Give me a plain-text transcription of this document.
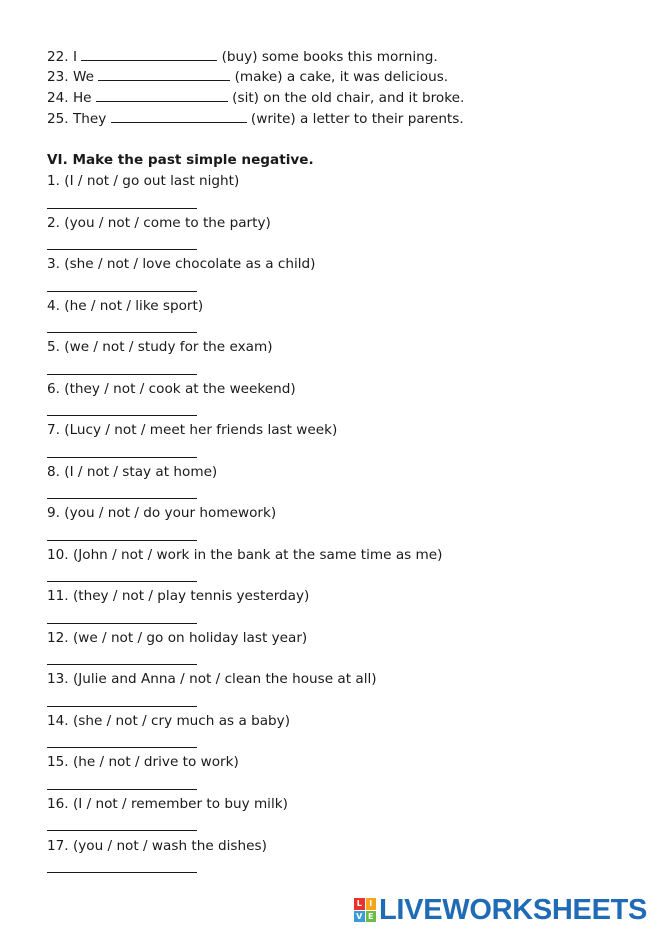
22. I	(buy) some books this morning.
23. We	(make) a cake, it was delicious.
24. He	(sit) on the old chair, and it broke.
25. They	(write) a letter to their parents.
VI. Make the past simple negative.
1. (I / not / go out last night)
2. (you / not / come to the party)
3. (she / not / love chocolate as a child)
4. (he / not / like sport)
5. (we / not / study for the exam)
6. (they / not / cook at the weekend)
7. (Lucy / not / meet her friends last week)
8. (I / not / stay at home)
9. (you / not / do your homework)
10. (John / not / work in the bank at the same time as me)
11. (they / not / play tennis yesterday)
12. (we / not / go on holiday last year)
13. (Julie and Anna / not / clean the house at all)
14. (she / not / cry much as a baby)
15. (he / not / drive to work)
16. (I / not / remember to buy milk)
17. (you / not / wash the dishes)
L I
V E LIVEWORKSHEETS
